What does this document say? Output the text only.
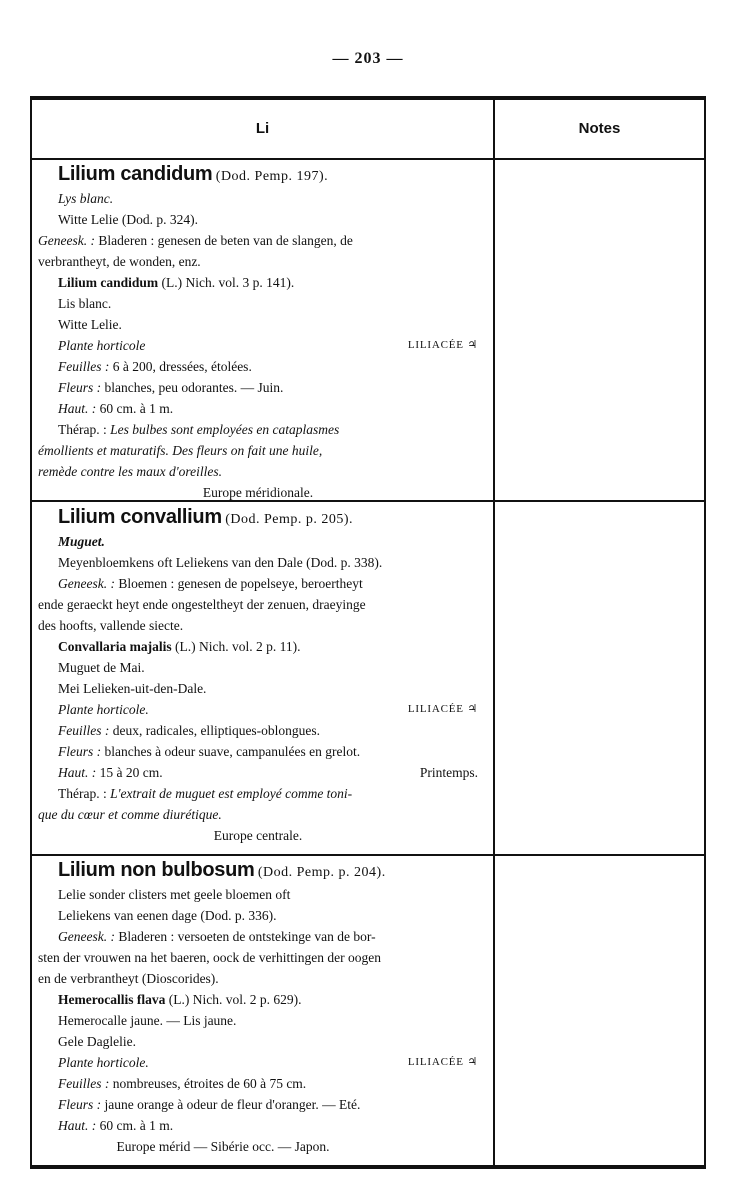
— 203 —
Li	Notes
Lilium candidum (Dod. Pemp. 197).
Lys blanc.
Witte Lelie (Dod. p. 324).
Geneesk. : Bladeren : genesen de beten van de slangen, de
verbrantheyt, de wonden, enz.
Lilium candidum (L.) Nich. vol. 3 p. 141).
Lis blanc.
Witte Lelie.
Plante horticole	LILIACÉE ♃
Feuilles : 6 à 200, dressées, étolées.
Fleurs : blanches, peu odorantes. — Juin.
Haut. : 60 cm. à 1 m.
Thérap. : Les bulbes sont employées en cataplasmes
émollients et maturatifs. Des fleurs on fait une huile,
remède contre les maux d'oreilles.
Europe méridionale.
Lilium convallium (Dod. Pemp. p. 205).
Muguet.
Meyenbloemkens oft Leliekens van den Dale (Dod. p. 338).
Geneesk. : Bloemen : genesen de popelseye, beroertheyt
ende geraeckt heyt ende ongesteltheyt der zenuen, draeyinge
des hoofts, vallende siecte.
Convallaria majalis (L.) Nich. vol. 2 p. 11).
Muguet de Mai.
Mei Lelieken-uit-den-Dale.
Plante horticole.	LILIACÉE ♃
Feuilles : deux, radicales, elliptiques-oblongues.
Fleurs : blanches à odeur suave, campanulées en grelot.
Haut. : 15 à 20 cm.	Printemps.
Thérap. : L'extrait de muguet est employé comme toni-
que du cœur et comme diurétique.
Europe centrale.
Lilium non bulbosum (Dod. Pemp. p. 204).
Lelie sonder clisters met geele bloemen oft
Leliekens van eenen dage (Dod. p. 336).
Geneesk. : Bladeren : versoeten de ontstekinge van de bor-
sten der vrouwen na het baeren, oock de verhittingen der oogen
en de verbrantheyt (Dioscorides).
Hemerocallis flava (L.) Nich. vol. 2 p. 629).
Hemerocalle jaune. — Lis jaune.
Gele Daglelie.
Plante horticole.	LILIACÉE ♃
Feuilles : nombreuses, étroites de 60 à 75 cm.
Fleurs : jaune orange à odeur de fleur d'oranger. — Eté.
Haut. : 60 cm. à 1 m.
Europe mérid — Sibérie occ. — Japon.
